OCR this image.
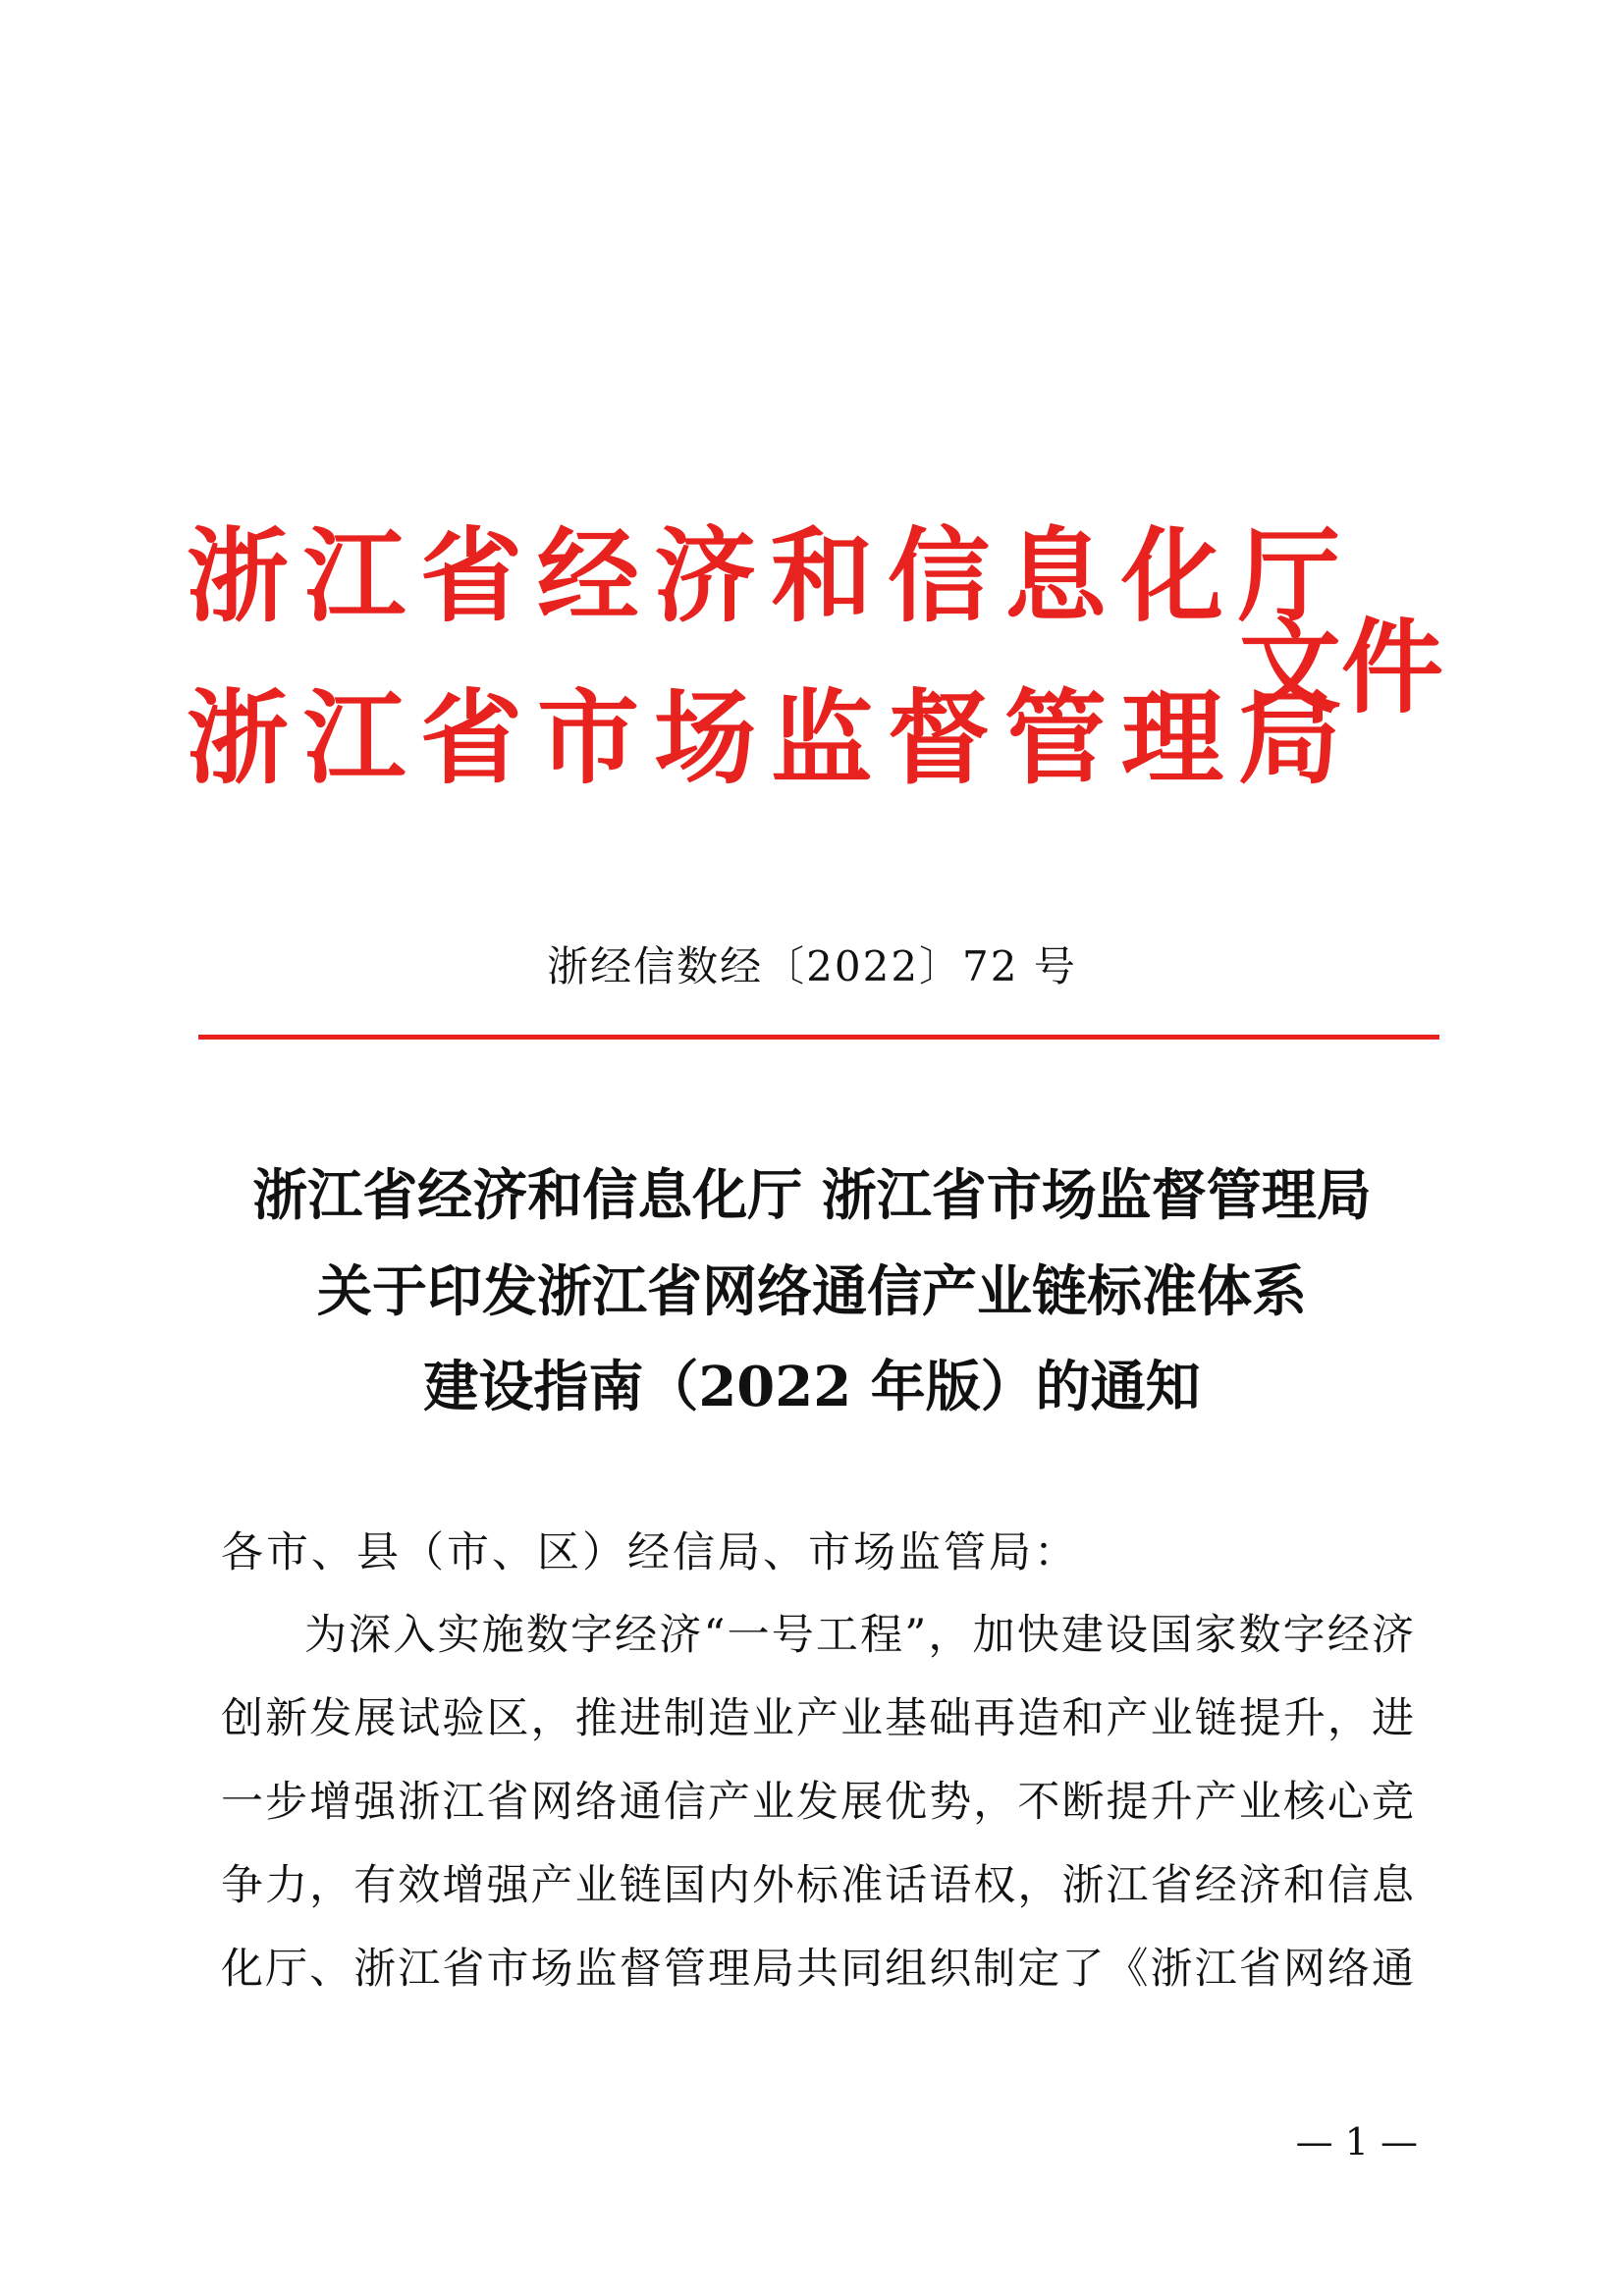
浙江省经济和信息化厅
浙江省市场监督管理局
文件
浙经信数经〔2022〕72 号
浙江省经济和信息化厅 浙江省市场监督管理局
关于印发浙江省网络通信产业链标准体系
建设指南（2022 年版）的通知
各市、县（市、区）经信局、市场监管局：
为深入实施数字经济“一号工程”，加快建设国家数字经济
创新发展试验区，推进制造业产业基础再造和产业链提升，进
一步增强浙江省网络通信产业发展优势，不断提升产业核心竞
争力，有效增强产业链国内外标准话语权，浙江省经济和信息
化厅、浙江省市场监督管理局共同组织制定了《浙江省网络通
— 1 —
